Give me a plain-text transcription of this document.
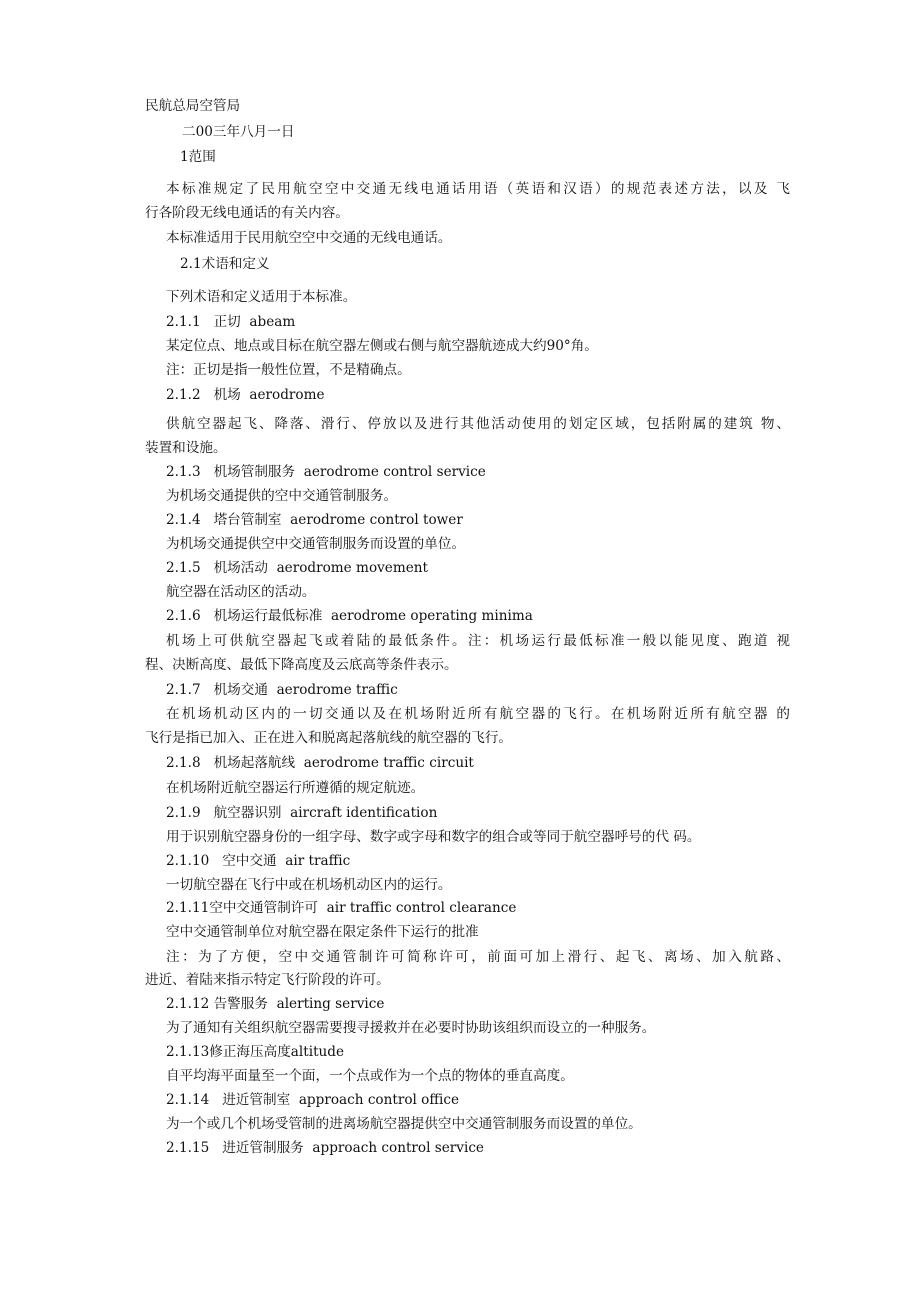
民航总局空管局

二00三年八月一日

1范围

本标准规定了民用航空空中交通无线电通话用语（英语和汉语）的规范表述方法，以及 飞

行各阶段无线电通话的有关内容。

本标准适用于民用航空空中交通的无线电通话。

2.1术语和定义

下列术语和定义适用于本标准。

2.1.1 正切  abeam

某定位点、地点或目标在航空器左侧或右侧与航空器航迹成大约90°角。

注：正切是指一般性位置，不是精确点。

2.1.2 机场  aerodrome

供航空器起飞、降落、滑行、停放以及进行其他活动使用的划定区域，包括附属的建筑 物、

装置和设施。

2.1.3 机场管制服务  aerodrome control service

为机场交通提供的空中交通管制服务。

2.1.4 塔台管制室  aerodrome control tower

为机场交通提供空中交通管制服务而设置的单位。

2.1.5 机场活动  aerodrome movement

航空器在活动区的活动。

2.1.6 机场运行最低标准  aerodrome operating minima

机场上可供航空器起飞或着陆的最低条件。注：机场运行最低标准一般以能见度、跑道 视

程、决断高度、最低下降高度及云底高等条件表示。

2.1.7 机场交通  aerodrome traffic

在机场机动区内的一切交通以及在机场附近所有航空器的飞行。在机场附近所有航空器 的

飞行是指已加入、正在进入和脱离起落航线的航空器的飞行。

2.1.8 机场起落航线  aerodrome traffic circuit

在机场附近航空器运行所遵循的规定航迹。

2.1.9 航空器识别  aircraft identification

用于识别航空器身份的一组字母、数字或字母和数字的组合或等同于航空器呼号的代 码。

2.1.10 空中交通  air traffic

一切航空器在飞行中或在机场机动区内的运行。

2.1.11空中交通管制许可  air traffic control clearance

空中交通管制单位对航空器在限定条件下运行的批准

注：为了方便，空中交通管制许可简称许可，前面可加上滑行、起飞、离场、加入航路、

进近、着陆来指示特定飞行阶段的许可。

2.1.12 告警服务  alerting service

为了通知有关组织航空器需要搜寻援救并在必要时协助该组织而设立的一种服务。

2.1.13修正海压高度altitude

自平均海平面量至一个面，一个点或作为一个点的物体的垂直高度。

2.1.14 进近管制室  approach control office

为一个或几个机场受管制的进离场航空器提供空中交通管制服务而设置的单位。

2.1.15 进近管制服务  approach control service
